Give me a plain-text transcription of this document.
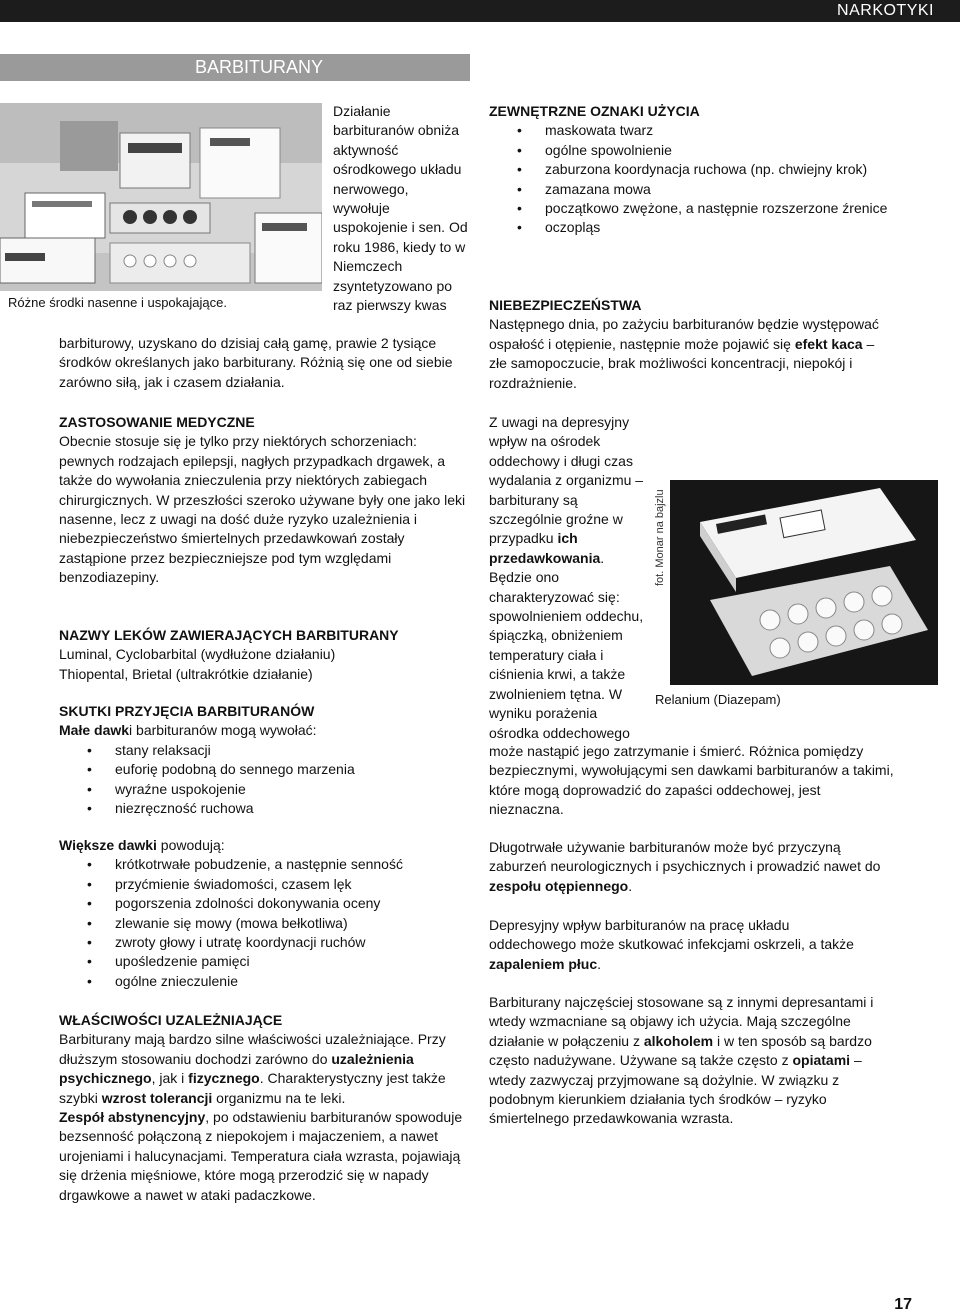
NARKOTYKI
BARBITURANY
Różne środki nasenne i uspokajające.

Działanie barbituranów obniża aktywność ośrodkowego układu nerwowego, wywołuje uspokojenie i sen. Od roku 1986, kiedy to w Niemczech zsyntetyzowano po raz pierwszy kwas

barbiturowy, uzyskano do dzisiaj całą gamę, prawie 2 tysiące środków określanych jako barbiturany. Różnią się one od siebie zarówno siłą, jak i czasem działania.

ZASTOSOWANIE MEDYCZNE
Obecnie stosuje się je tylko przy niektórych schorzeniach: pewnych rodzajach epilepsji, nagłych przypadkach drgawek, a także do wywołania znieczulenia przy niektórych zabiegach chirurgicznych. W przeszłości szeroko używane były one jako leki nasenne, lecz z uwagi na dość duże ryzyko uzależnienia i niebezpieczeństwo śmiertelnych przedawkowań zostały zastąpione przez bezpieczniejsze pod tym względami benzodiazepiny.
NAZWY LEKÓW ZAWIERAJĄCYCH BARBITURANY
Luminal, Cyclobarbital (wydłużone działaniu)
Thiopental, Brietal (ultrakrótkie działanie)
SKUTKI PRZYJĘCIA BARBITURANÓW
Małe dawki barbituranów mogą wywołać:
• stany relaksacji
• euforię podobną do sennego marzenia
• wyraźne uspokojenie
• niezręczność ruchowa
Większe dawki powodują:
• krótkotrwałe pobudzenie, a następnie senność
• przyćmienie świadomości, czasem lęk
• pogorszenia zdolności dokonywania oceny
• zlewanie się mowy (mowa bełkotliwa)
• zwroty głowy i utratę koordynacji ruchów
• upośledzenie pamięci
• ogólne znieczulenie
WŁAŚCIWOŚCI UZALEŻNIAJĄCE
Barbiturany mają bardzo silne właściwości uzależniające. Przy dłuższym stosowaniu dochodzi zarówno do uzależnienia psychicznego, jak i fizycznego. Charakterystyczny jest także szybki wzrost tolerancji organizmu na te leki.
Zespół abstynencyjny, po odstawieniu barbituranów spowoduje bezsenność połączoną z niepokojem i majaczeniem, a nawet urojeniami i halucynacjami. Temperatura ciała wzrasta, pojawiają się drżenia mięśniowe, które mogą przerodzić się w napady drgawkowe a nawet w ataki padaczkowe.
ZEWNĘTRZNE OZNAKI UŻYCIA
• maskowata twarz
• ogólne spowolnienie
• zaburzona koordynacja ruchowa (np. chwiejny krok)
• zamazana mowa
• początkowo zwężone, a następnie rozszerzone źrenice
• oczopląs
NIEBEZPIECZEŃSTWA
Następnego dnia, po zażyciu barbituranów będzie występować ospałość i otępienie, następnie może pojawić się efekt kaca – złe samopoczucie, brak możliwości koncentracji, niepokój i rozdrażnienie.
fot. Monar na bajzlu
Relanium (Diazepam)

Z uwagi na depresyjny wpływ na ośrodek oddechowy i długi czas wydalania z organizmu – barbiturany są szczególnie groźne w przypadku ich przedawkowania. Będzie ono charakteryzować się: spowolnieniem oddechu, śpiączką, obniżeniem temperatury ciała i ciśnienia krwi, a także zwolnieniem tętna. W wyniku porażenia ośrodka oddechowego

może nastąpić jego zatrzymanie i śmierć. Różnica pomiędzy bezpiecznymi, wywołującymi sen dawkami barbituranów a takimi, które mogą doprowadzić do zapaści oddechowej, jest nieznaczna.

Długotrwałe używanie barbituranów może być przyczyną zaburzeń neurologicznych i psychicznych i prowadzić nawet do zespołu otępiennego.

Depresyjny wpływ barbituranów na pracę układu oddechowego może skutkować infekcjami oskrzeli, a także zapaleniem płuc.

Barbiturany najczęściej stosowane są z innymi depresantami i wtedy wzmacniane są objawy ich użycia. Mają szczególne działanie w połączeniu z alkoholem i w ten sposób są bardzo często nadużywane. Używane są także często z opiatami – wtedy zazwyczaj przyjmowane są dożylnie. W związku z podobnym kierunkiem działania tych środków – ryzyko śmiertelnego przedawkowania wzrasta.

17
